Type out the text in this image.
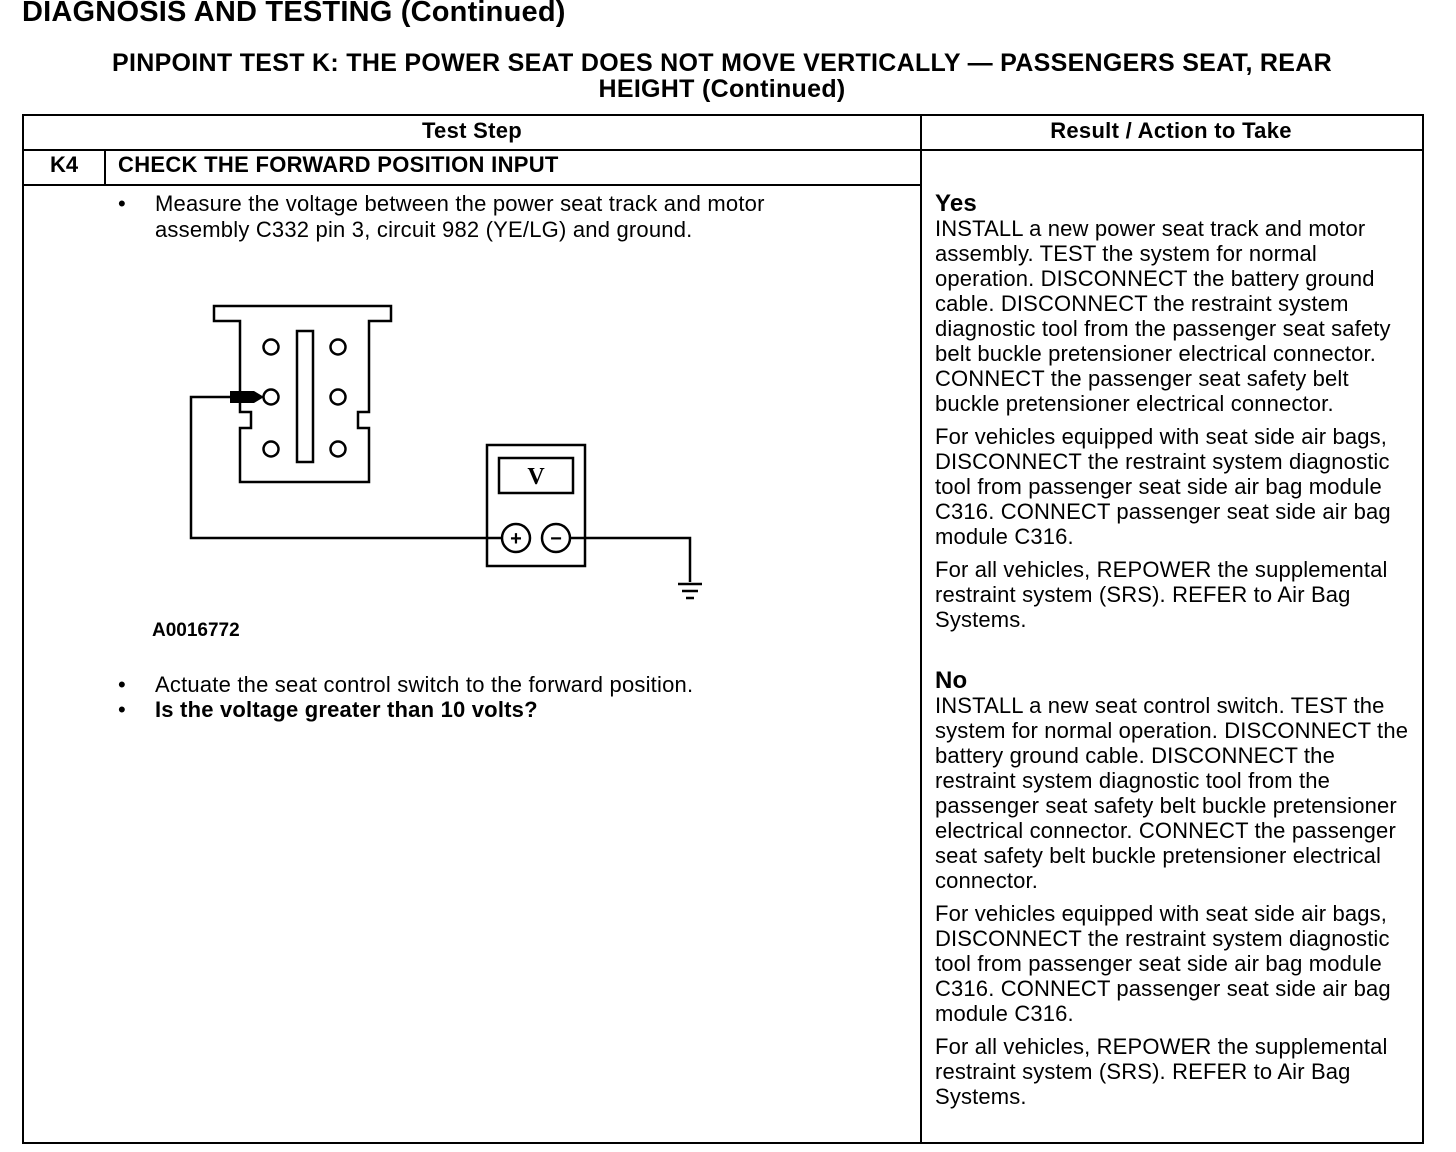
DIAGNOSIS AND TESTING (Continued)
PINPOINT TEST K: THE POWER SEAT DOES NOT MOVE VERTICALLY — PASSENGERS SEAT, REAR
HEIGHT (Continued)
Test Step	Result / Action to Take
K4	CHECK THE FORWARD POSITION INPUT
• Measure the voltage between the power seat track and motor
assembly C332 pin 3, circuit 982 (YE/LG) and ground.
V
+ −
A0016772
• Actuate the seat control switch to the forward position.
• Is the voltage greater than 10 volts?
Yes

INSTALL a new power seat track and motor assembly. TEST the system for normal operation. DISCONNECT the battery ground cable. DISCONNECT the restraint system diagnostic tool from the passenger seat safety belt buckle pretensioner electrical connector. CONNECT the passenger seat safety belt buckle pretensioner electrical connector.

For vehicles equipped with seat side air bags, DISCONNECT the restraint system diagnostic tool from passenger seat side air bag module C316. CONNECT passenger seat side air bag module C316.

For all vehicles, REPOWER the supplemental restraint system (SRS). REFER to Air Bag Systems.

No

INSTALL a new seat control switch. TEST the system for normal operation. DISCONNECT the battery ground cable. DISCONNECT the restraint system diagnostic tool from the passenger seat safety belt buckle pretensioner electrical connector. CONNECT the passenger seat safety belt buckle pretensioner electrical connector.

For vehicles equipped with seat side air bags, DISCONNECT the restraint system diagnostic tool from passenger seat side air bag module C316. CONNECT passenger seat side air bag module C316.

For all vehicles, REPOWER the supplemental restraint system (SRS). REFER to Air Bag Systems.
